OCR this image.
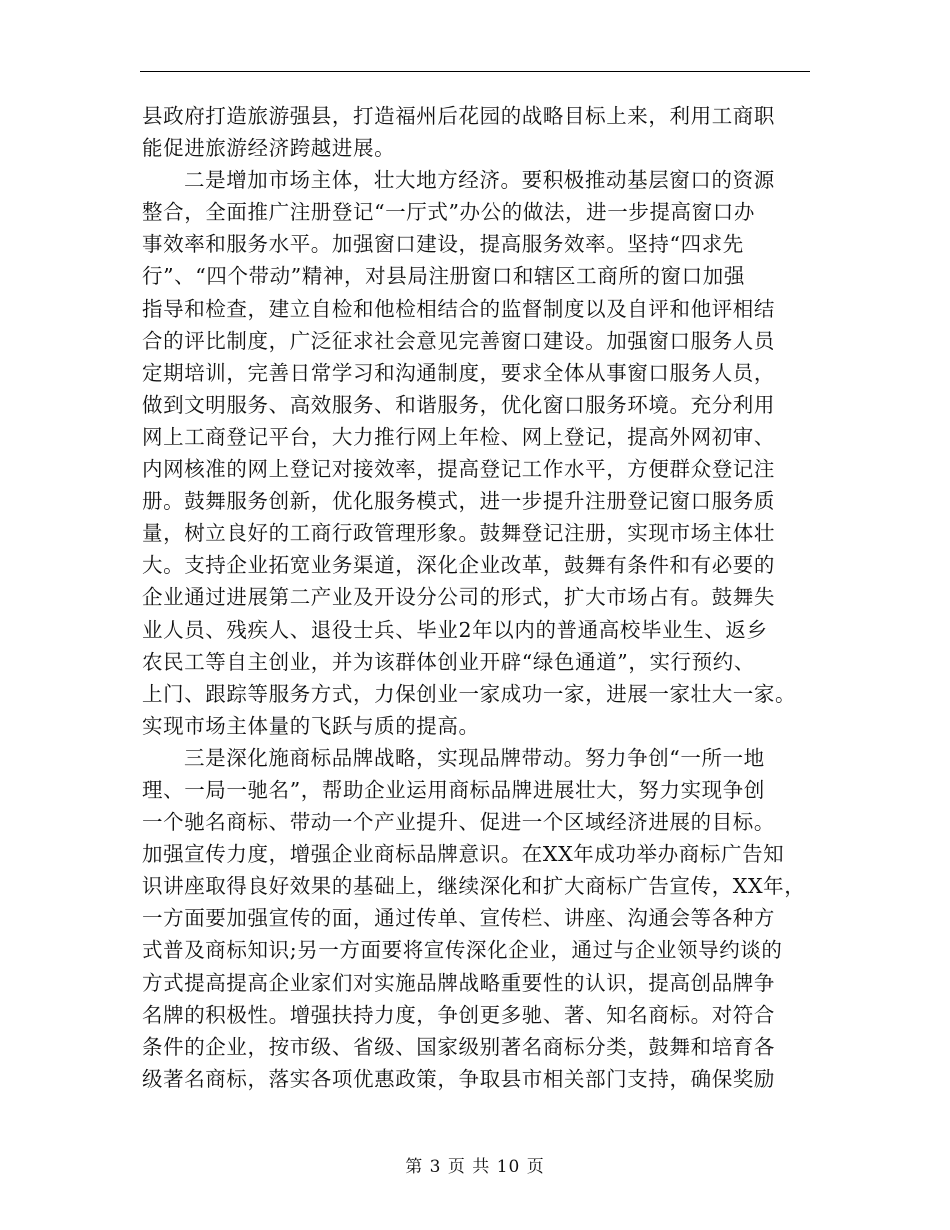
县政府打造旅游强县，打造福州后花园的战略目标上来，利用工商职
能促进旅游经济跨越进展。
二是增加市场主体，壮大地方经济。要积极推动基层窗口的资源
整合，全面推广注册登记“一厅式”办公的做法，进一步提高窗口办
事效率和服务水平。加强窗口建设，提高服务效率。坚持“四求先
行”、“四个带动”精神，对县局注册窗口和辖区工商所的窗口加强
指导和检查，建立自检和他检相结合的监督制度以及自评和他评相结
合的评比制度，广泛征求社会意见完善窗口建设。加强窗口服务人员
定期培训，完善日常学习和沟通制度，要求全体从事窗口服务人员，
做到文明服务、高效服务、和谐服务，优化窗口服务环境。充分利用
网上工商登记平台，大力推行网上年检、网上登记，提高外网初审、
内网核准的网上登记对接效率，提高登记工作水平，方便群众登记注
册。鼓舞服务创新，优化服务模式，进一步提升注册登记窗口服务质
量，树立良好的工商行政管理形象。鼓舞登记注册，实现市场主体壮
大。支持企业拓宽业务渠道，深化企业改革，鼓舞有条件和有必要的
企业通过进展第二产业及开设分公司的形式，扩大市场占有。鼓舞失
业人员、残疾人、退役士兵、毕业2年以内的普通高校毕业生、返乡
农民工等自主创业，并为该群体创业开辟“绿色通道”，实行预约、
上门、跟踪等服务方式，力保创业一家成功一家，进展一家壮大一家。
实现市场主体量的飞跃与质的提高。
三是深化施商标品牌战略，实现品牌带动。努力争创“一所一地
理、一局一驰名”，帮助企业运用商标品牌进展壮大，努力实现争创
一个驰名商标、带动一个产业提升、促进一个区域经济进展的目标。
加强宣传力度，增强企业商标品牌意识。在XX年成功举办商标广告知
识讲座取得良好效果的基础上，继续深化和扩大商标广告宣传，XX年，
一方面要加强宣传的面，通过传单、宣传栏、讲座、沟通会等各种方
式普及商标知识;另一方面要将宣传深化企业，通过与企业领导约谈的
方式提高提高企业家们对实施品牌战略重要性的认识，提高创品牌争
名牌的积极性。增强扶持力度，争创更多驰、著、知名商标。对符合
条件的企业，按市级、省级、国家级别著名商标分类，鼓舞和培育各
级著名商标，落实各项优惠政策，争取县市相关部门支持，确保奖励
第 3 页 共 10 页
